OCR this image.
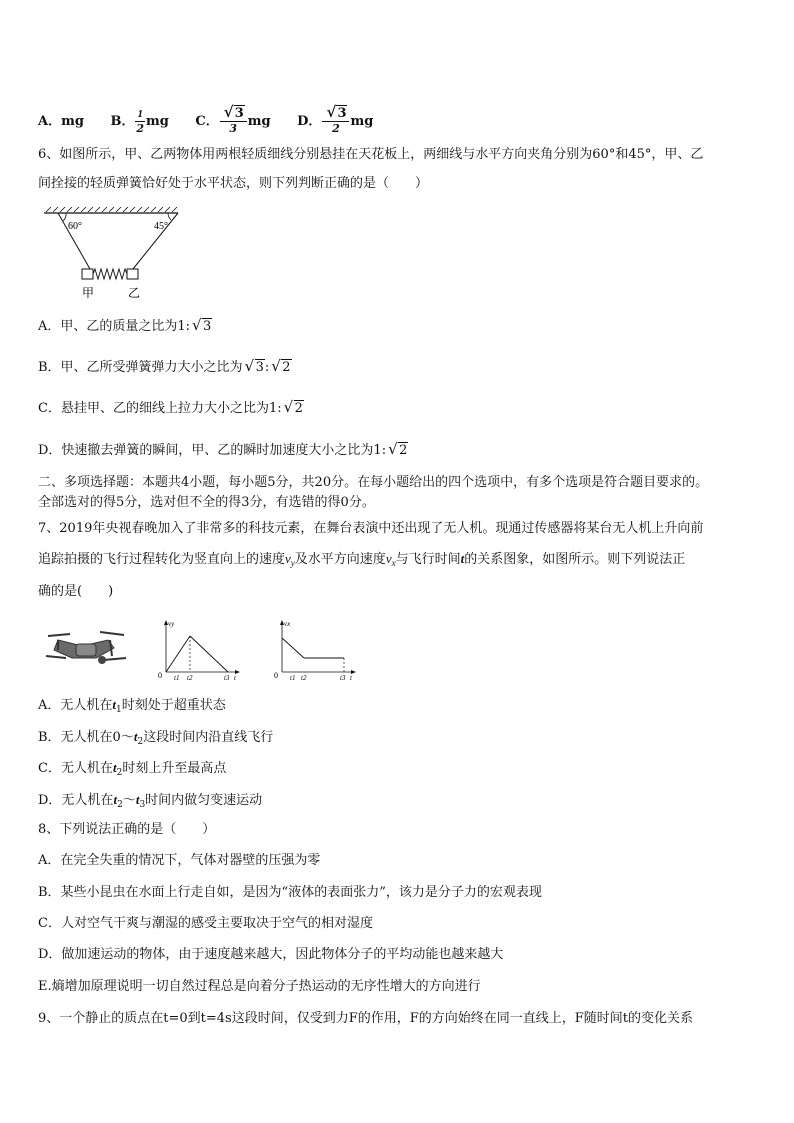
A．mg B． $\frac{1}{2}$ mg C． $\frac{√ 3}{3}$ mg D． $\frac{√ 3}{2}$ mg
6、如图所示，甲、乙两物体用两根轻质细线分别悬挂在天花板上，两细线与水平方向夹角分别为60°和45°，甲、乙
间拴接的轻质弹簧恰好处于水平状态，则下列判断正确的是（　　）
60°	45°
甲	乙
A．甲、乙的质量之比为1: √ 3
B．甲、乙所受弹簧弹力大小之比为 √ 3: √ 2
C．悬挂甲、乙的细线上拉力大小之比为1: √ 2
D．快速撤去弹簧的瞬间，甲、乙的瞬时加速度大小之比为1: √ 2
二、多项选择题：本题共4小题，每小题5分，共20分。在每小题给出的四个选项中，有多个选项是符合题目要求的。
全部选对的得5分，选对但不全的得3分，有选错的得0分。
7、2019年央视春晚加入了非常多的科技元素，在舞台表演中还出现了无人机。现通过传感器将某台无人机上升向前
追踪拍摄的飞行过程转化为竖直向上的速度$v_y$及水平方向速度$v_x$与飞行时间t的关系图象，如图所示。则下列说法正
确的是(　　)
vy
0 t1 t2	t3 t
vx
0 t1 t2	t3 t
A．无人机在$t_1$时刻处于超重状态
B．无人机在$0\sim t_2$这段时间内沿直线飞行
C．无人机在$t_2$时刻上升至最高点
D．无人机在$t_2\sim t_3$时间内做匀变速运动
8、下列说法正确的是（　　）
A．在完全失重的情况下，气体对器壁的压强为零
B．某些小昆虫在水面上行走自如，是因为“液体的表面张力”，该力是分子力的宏观表现
C．人对空气干爽与潮湿的感受主要取决于空气的相对湿度
D．做加速运动的物体，由于速度越来越大，因此物体分子的平均动能也越来越大
E.熵增加原理说明一切自然过程总是向着分子热运动的无序性增大的方向进行
9、一个静止的质点在t=0到t=4s这段时间，仅受到力F的作用，F的方向始终在同一直线上，F随时间t的变化关系
